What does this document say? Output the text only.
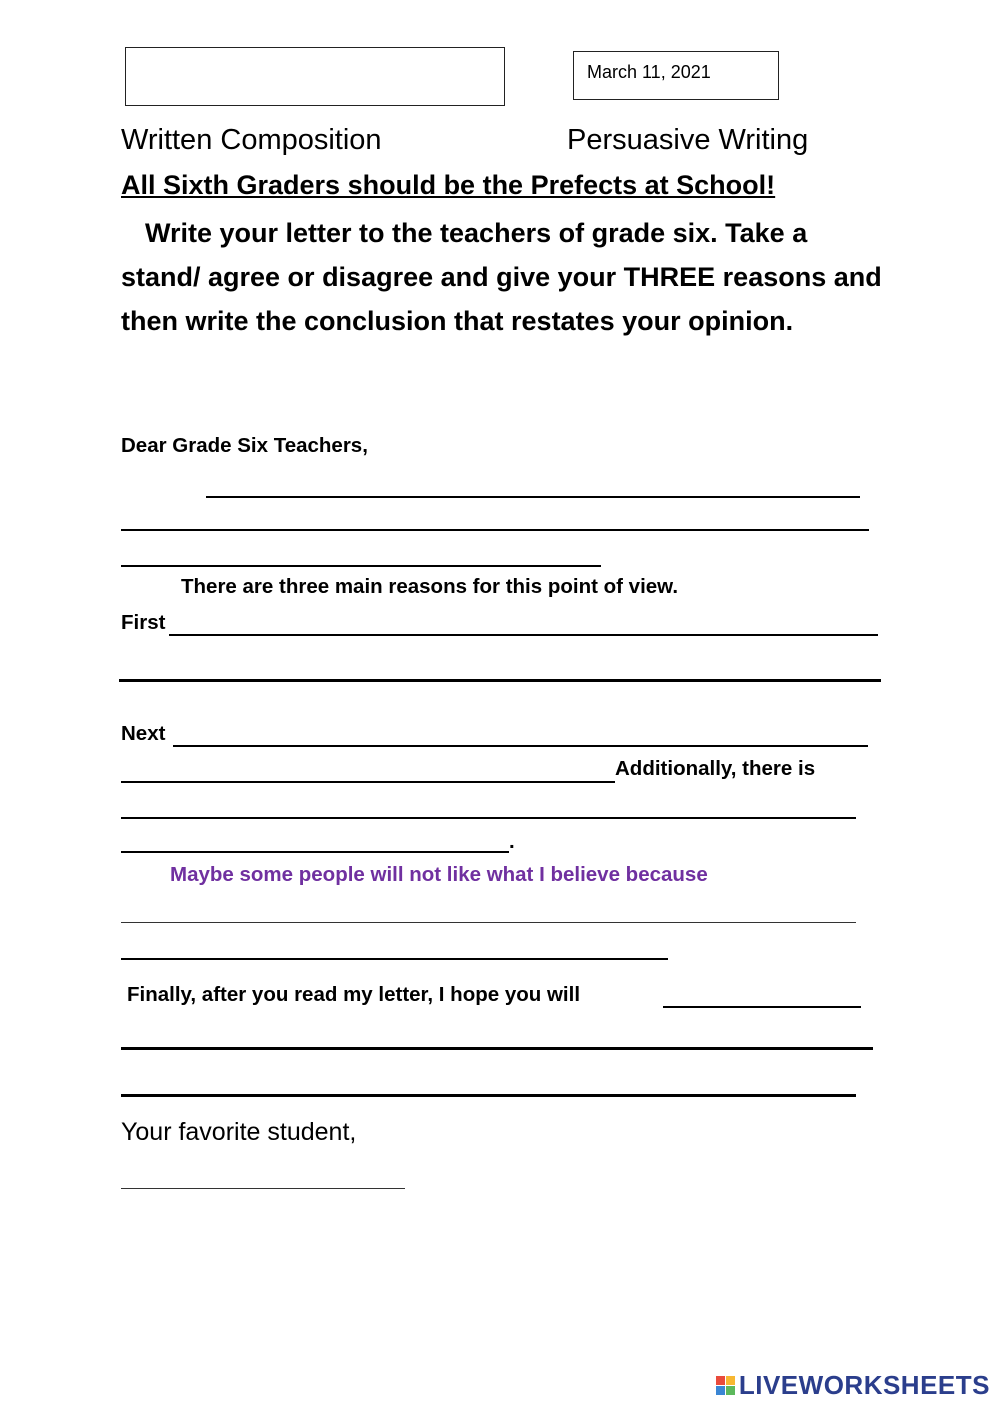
March 11, 2021
Written Composition	Persuasive Writing
All Sixth Graders should be the Prefects at School!
Write your letter to the teachers of grade six. Take a stand/ agree or disagree and give your THREE reasons and then write the conclusion that restates your opinion.
Dear Grade Six Teachers,
There are three main reasons for this point of view.
First
Next
Additionally, there is
.
Maybe some people will not like what I believe because
Finally, after you read my letter, I hope you will
Your favorite student,
LIVEWORKSHEETS
